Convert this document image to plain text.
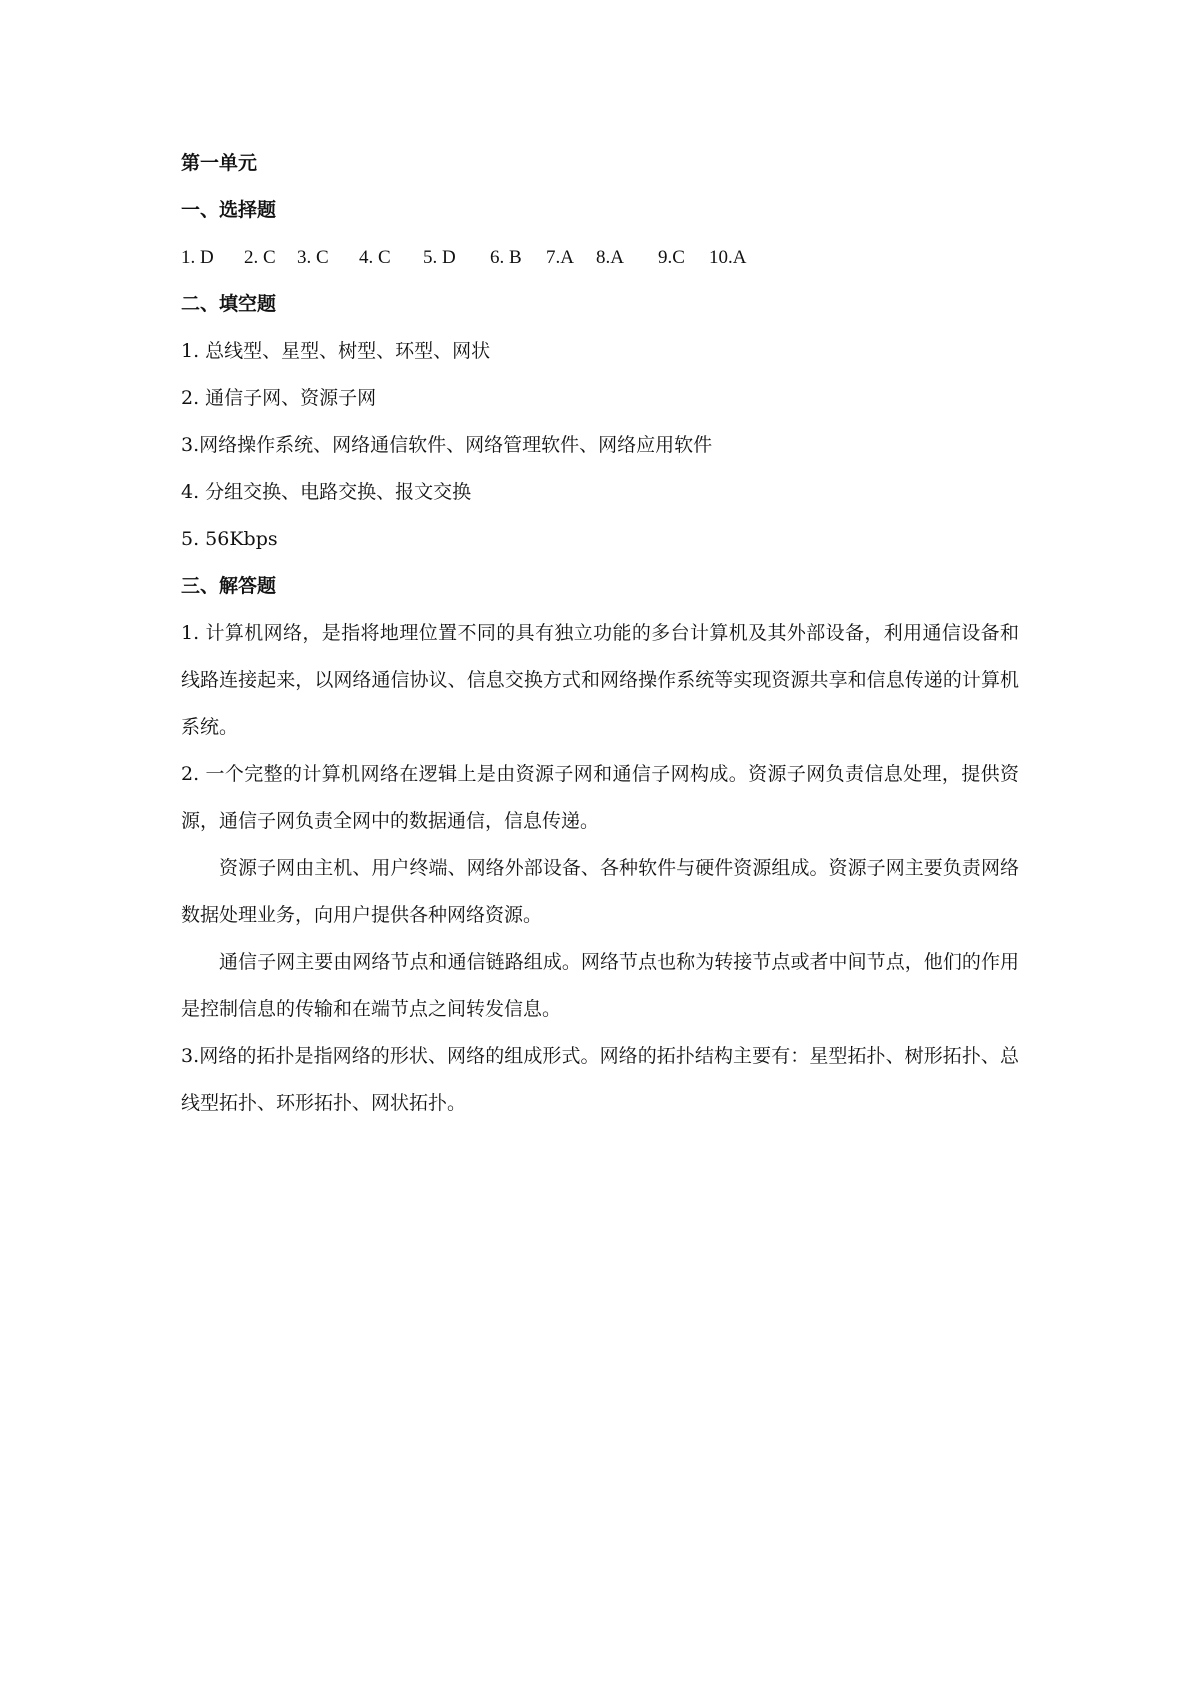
第一单元
一、选择题
1. D	2. C	3. C	4. C	5. D	6. B	7.A	8.A	9.C	10.A
二、填空题
1. 总线型、星型、树型、环型、网状
2. 通信子网、资源子网
3.网络操作系统、网络通信软件、网络管理软件、网络应用软件
4. 分组交换、电路交换、报文交换
5. 56Kbps
三、解答题
1. 计算机网络，是指将地理位置不同的具有独立功能的多台计算机及其外部设备，利用通信设备和线路连接起来，以网络通信协议、信息交换方式和网络操作系统等实现资源共享和信息传递的计算机系统。
2. 一个完整的计算机网络在逻辑上是由资源子网和通信子网构成。资源子网负责信息处理，提供资源，通信子网负责全网中的数据通信，信息传递。
资源子网由主机、用户终端、网络外部设备、各种软件与硬件资源组成。资源子网主要负责网络数据处理业务，向用户提供各种网络资源。
通信子网主要由网络节点和通信链路组成。网络节点也称为转接节点或者中间节点，他们的作用是控制信息的传输和在端节点之间转发信息。
3.网络的拓扑是指网络的形状、网络的组成形式。网络的拓扑结构主要有：星型拓扑、树形拓扑、总线型拓扑、环形拓扑、网状拓扑。
